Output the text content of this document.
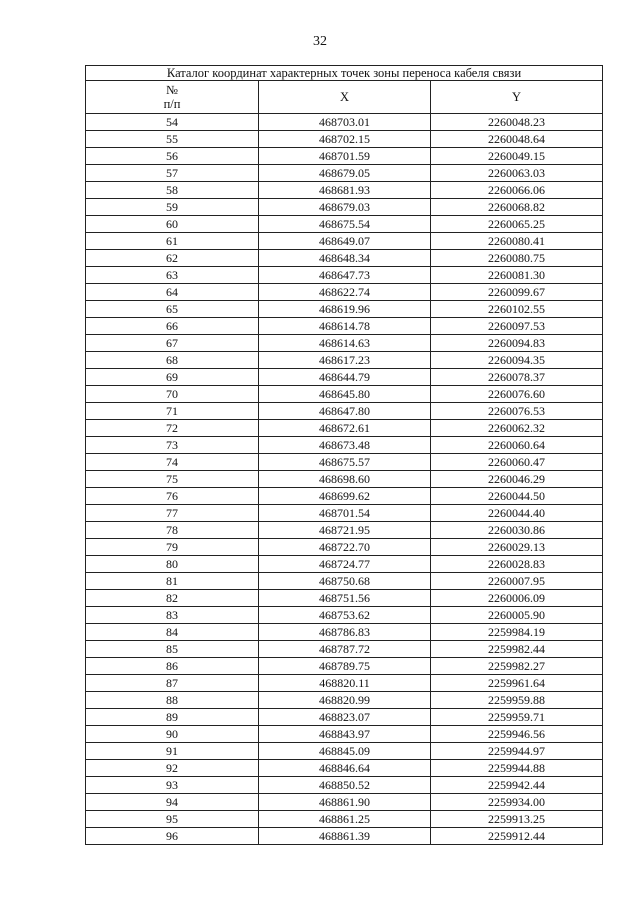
32
Каталог координат характерных точек зоны переноса кабеля связи		

№
п/п	X	Y
54	468703.01	2260048.23
55	468702.15	2260048.64
56	468701.59	2260049.15
57	468679.05	2260063.03
58	468681.93	2260066.06
59	468679.03	2260068.82
60	468675.54	2260065.25
61	468649.07	2260080.41
62	468648.34	2260080.75
63	468647.73	2260081.30
64	468622.74	2260099.67
65	468619.96	2260102.55
66	468614.78	2260097.53
67	468614.63	2260094.83
68	468617.23	2260094.35
69	468644.79	2260078.37
70	468645.80	2260076.60
71	468647.80	2260076.53
72	468672.61	2260062.32
73	468673.48	2260060.64
74	468675.57	2260060.47
75	468698.60	2260046.29
76	468699.62	2260044.50
77	468701.54	2260044.40
78	468721.95	2260030.86
79	468722.70	2260029.13
80	468724.77	2260028.83
81	468750.68	2260007.95
82	468751.56	2260006.09
83	468753.62	2260005.90
84	468786.83	2259984.19
85	468787.72	2259982.44
86	468789.75	2259982.27
87	468820.11	2259961.64
88	468820.99	2259959.88
89	468823.07	2259959.71
90	468843.97	2259946.56
91	468845.09	2259944.97
92	468846.64	2259944.88
93	468850.52	2259942.44
94	468861.90	2259934.00
95	468861.25	2259913.25
96	468861.39	2259912.44
